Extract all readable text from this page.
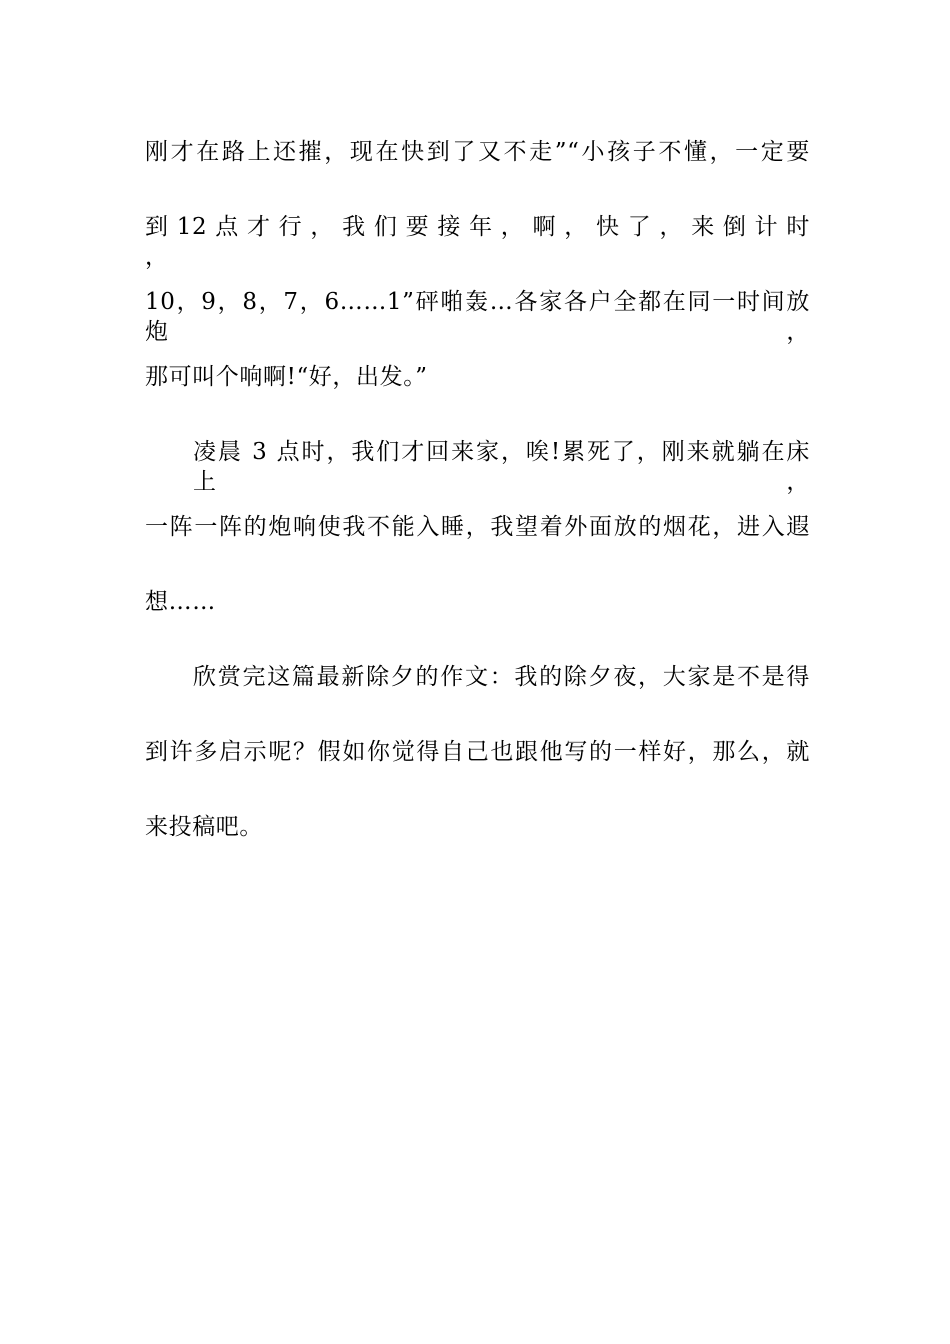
刚才在路上还摧，现在快到了又不走”“小孩子不懂，一定要
到 12 点 才 行 ， 我 们 要 接 年 ， 啊 ， 快 了 ， 来 倒 计 时 ，
10，9，8，7，6……1”砰啪轰…各家各户全都在同一时间放炮，
那可叫个响啊!“好，出发。”
凌晨 3 点时，我们才回来家，唉!累死了，刚来就躺在床上，
一阵一阵的炮响使我不能入睡，我望着外面放的烟花，进入遐
想……
欣赏完这篇最新除夕的作文：我的除夕夜，大家是不是得
到许多启示呢？假如你觉得自己也跟他写的一样好，那么，就
来投稿吧。
